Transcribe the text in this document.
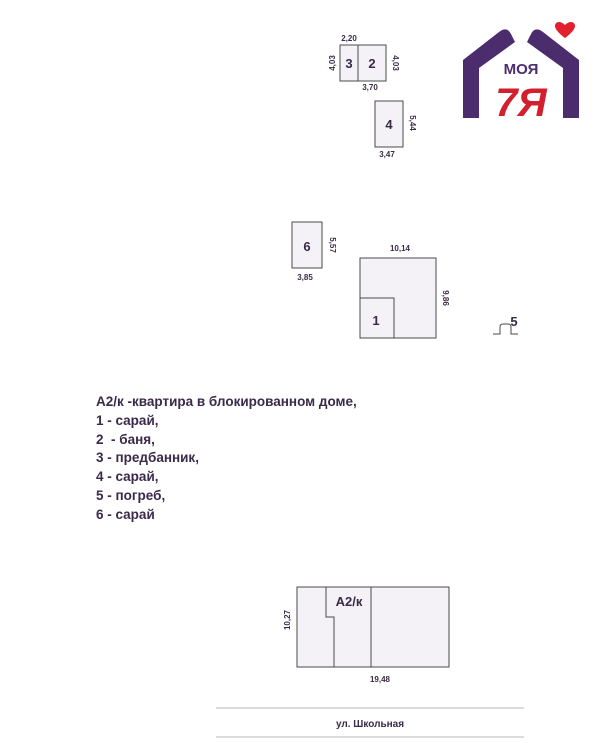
3 2
2,20
4,03	4,03
3,70
4 5,44
3,47
6 5,57
3,85
1
10,14
9,86
5
A2/к
10,27
19,48
ул. Школьная
А2/к -квартира в блокированном доме,
1 - сарай,
2  - баня,
3 - предбанник,
4 - сарай,
5 - погреб,
6 - сарай
МОЯ
7Я
